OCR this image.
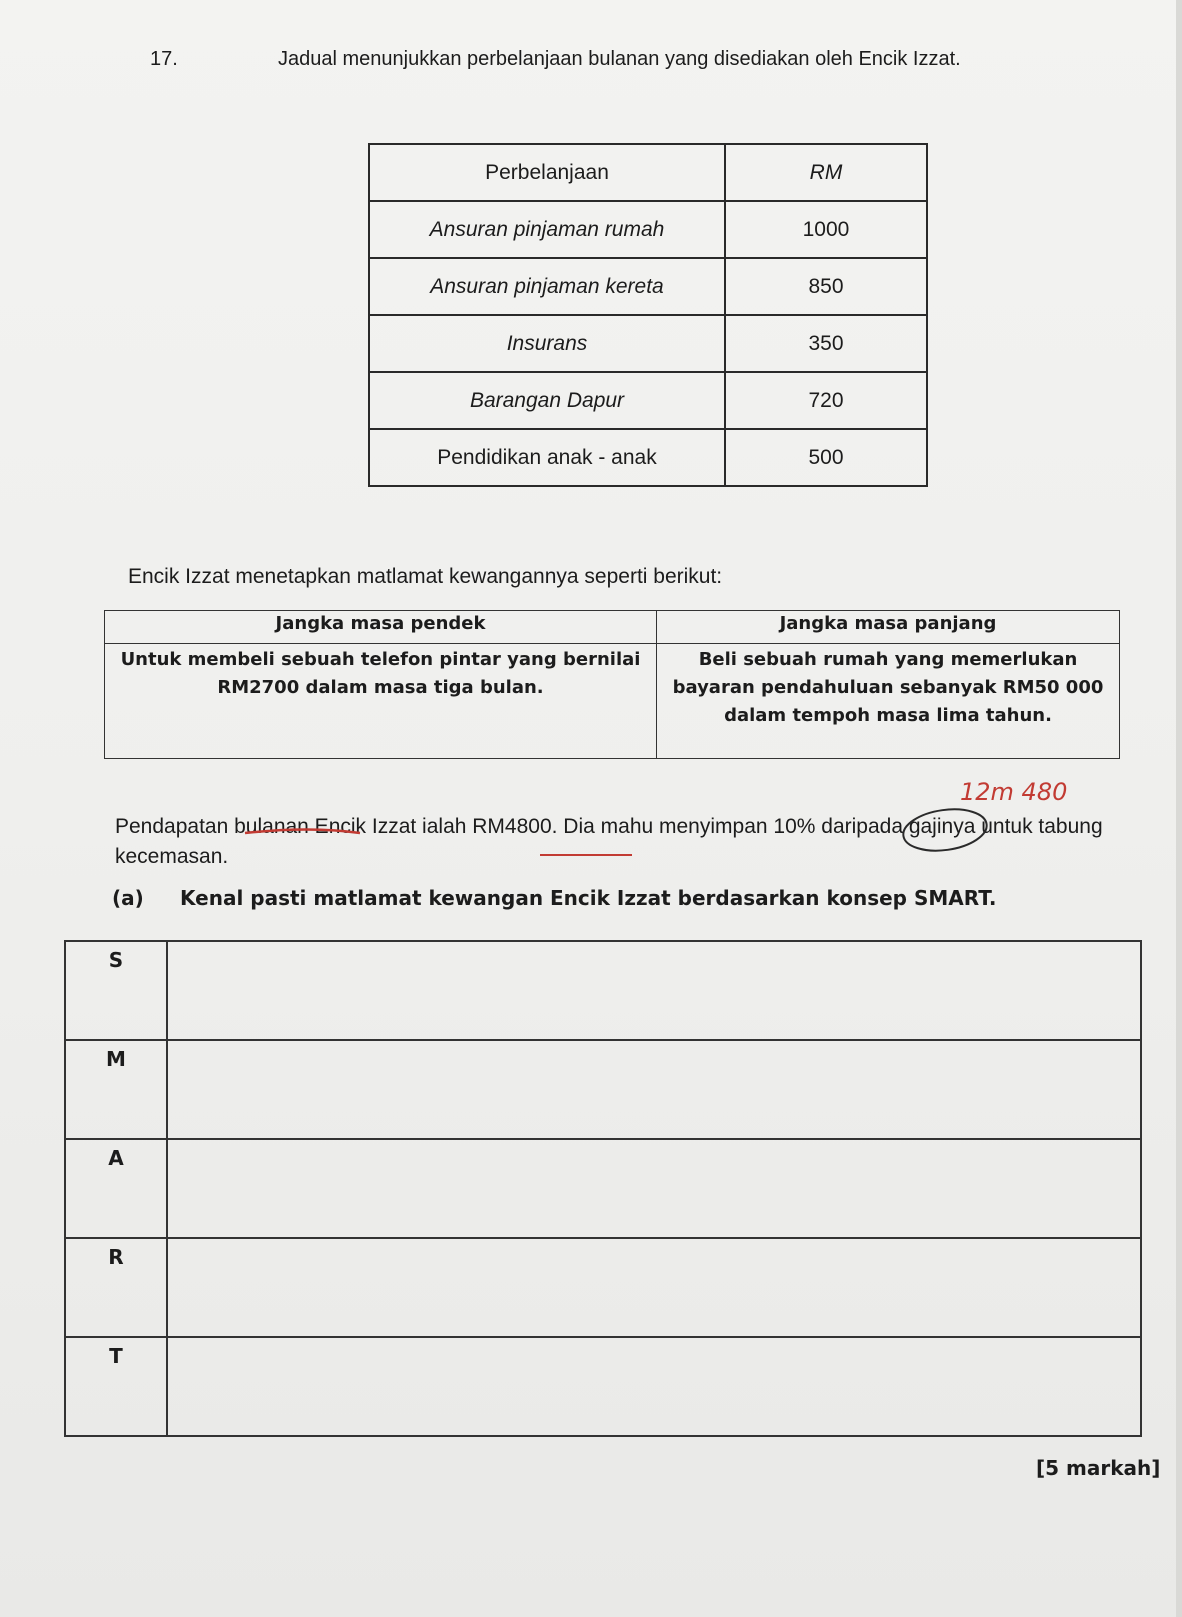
17.	Jadual menunjukkan perbelanjaan bulanan yang disediakan oleh Encik Izzat.
Perbelanjaan	RM
Ansuran pinjaman rumah	1000
Ansuran pinjaman kereta	850
Insurans	350
Barangan Dapur	720
Pendidikan anak - anak	500
Encik Izzat menetapkan matlamat kewangannya seperti berikut:
Jangka masa pendek	Jangka masa panjang
Untuk membeli sebuah telefon pintar yang bernilai RM2700 dalam masa tiga bulan.	Beli sebuah rumah yang memerlukan bayaran pendahuluan sebanyak RM50 000 dalam tempoh masa lima tahun.
12m 480
Pendapatan bulanan Encik Izzat ialah RM4800. Dia mahu menyimpan 10% daripada gajinya untuk tabung kecemasan.
(a) Kenal pasti matlamat kewangan Encik Izzat berdasarkan konsep SMART.
S	
M	
A	
R	
T	
[5 markah]
